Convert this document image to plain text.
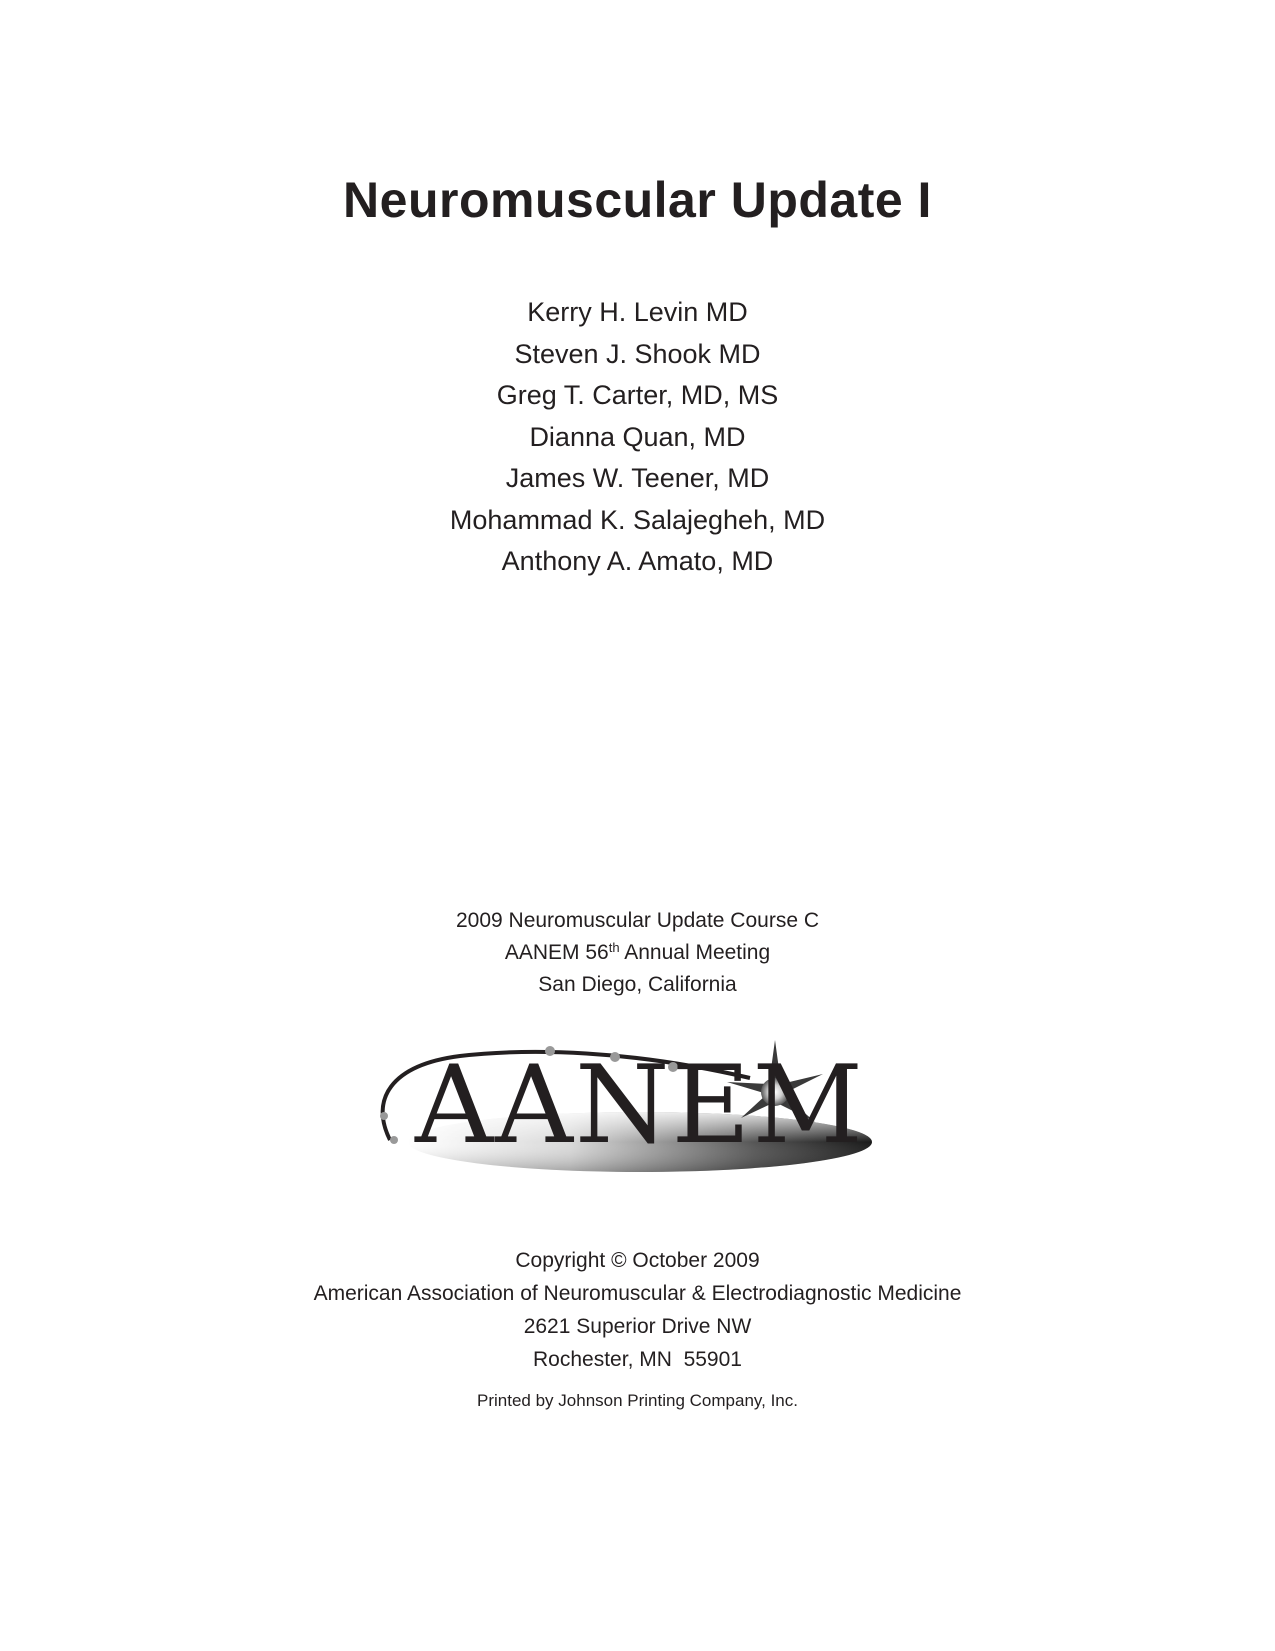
Neuromuscular Update I
Kerry H. Levin MD
Steven J. Shook MD
Greg T. Carter, MD, MS
Dianna Quan, MD
James W. Teener, MD
Mohammad K. Salajegheh, MD
Anthony A. Amato, MD
2009 Neuromuscular Update Course C
AANEM 56th Annual Meeting
San Diego, California
AANEM
Copyright © October 2009
American Association of Neuromuscular & Electrodiagnostic Medicine
2621 Superior Drive NW
Rochester, MN  55901
Printed by Johnson Printing Company, Inc.
